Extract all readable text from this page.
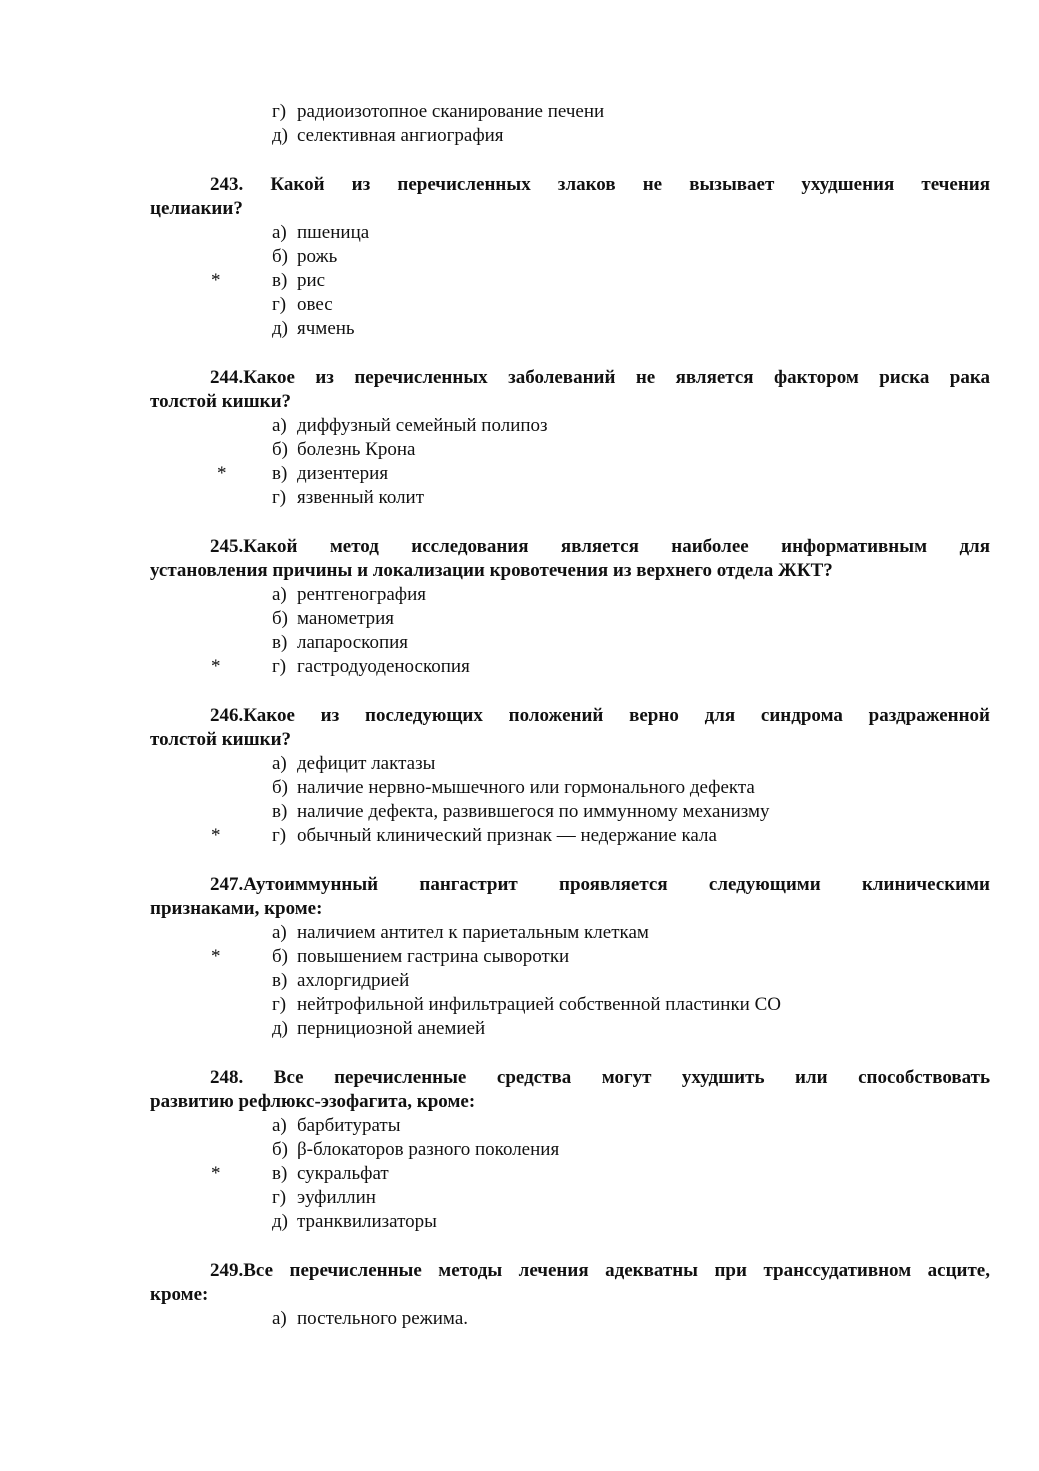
г) радиоизотопное сканирование печени
д) селективная ангиография
243. Какой из перечисленных злаков не вызывает ухудшения течения
целиакии?
а) пшеница
б) рожь
*	в) рис
г) овес
д) ячмень
244.Какое из перечисленных заболеваний не является фактором риска рака
толстой кишки?
а) диффузный семейный полипоз
б) болезнь Крона
* в) дизентерия
г) язвенный колит
245.Какой метод исследования является наиболее информативным для
установления причины и локализации кровотечения из верхнего отдела ЖКТ?
а) рентгенография
б) манометрия
в) лапароскопия
*	г) гастродуоденоскопия
246.Какое из последующих положений верно для синдрома раздраженной
толстой кишки?
а) дефицит лактазы
б) наличие нервно-мышечного или гормонального дефекта
в) наличие дефекта, развившегося по иммунному механизму
*	г) обычный клинический признак — недержание кала
247.Аутоиммунный пангастрит проявляется следующими клиническими
признаками, кроме:
а) наличием антител к париетальным клеткам
*	б) повышением гастрина сыворотки
в) ахлоргидрией
г) нейтрофильной инфильтрацией собственной пластинки СО
д) пернициозной анемией
248. Все перечисленные средства могут ухудшить или способствовать
развитию рефлюкс-эзофагита, кроме:
а) барбитураты
б) β-блокаторов разного поколения
*	в) сукральфат
г) эуфиллин
д) транквилизаторы
249.Все перечисленные методы лечения адекватны при транссудативном асците,
кроме:
а) постельного режима.
